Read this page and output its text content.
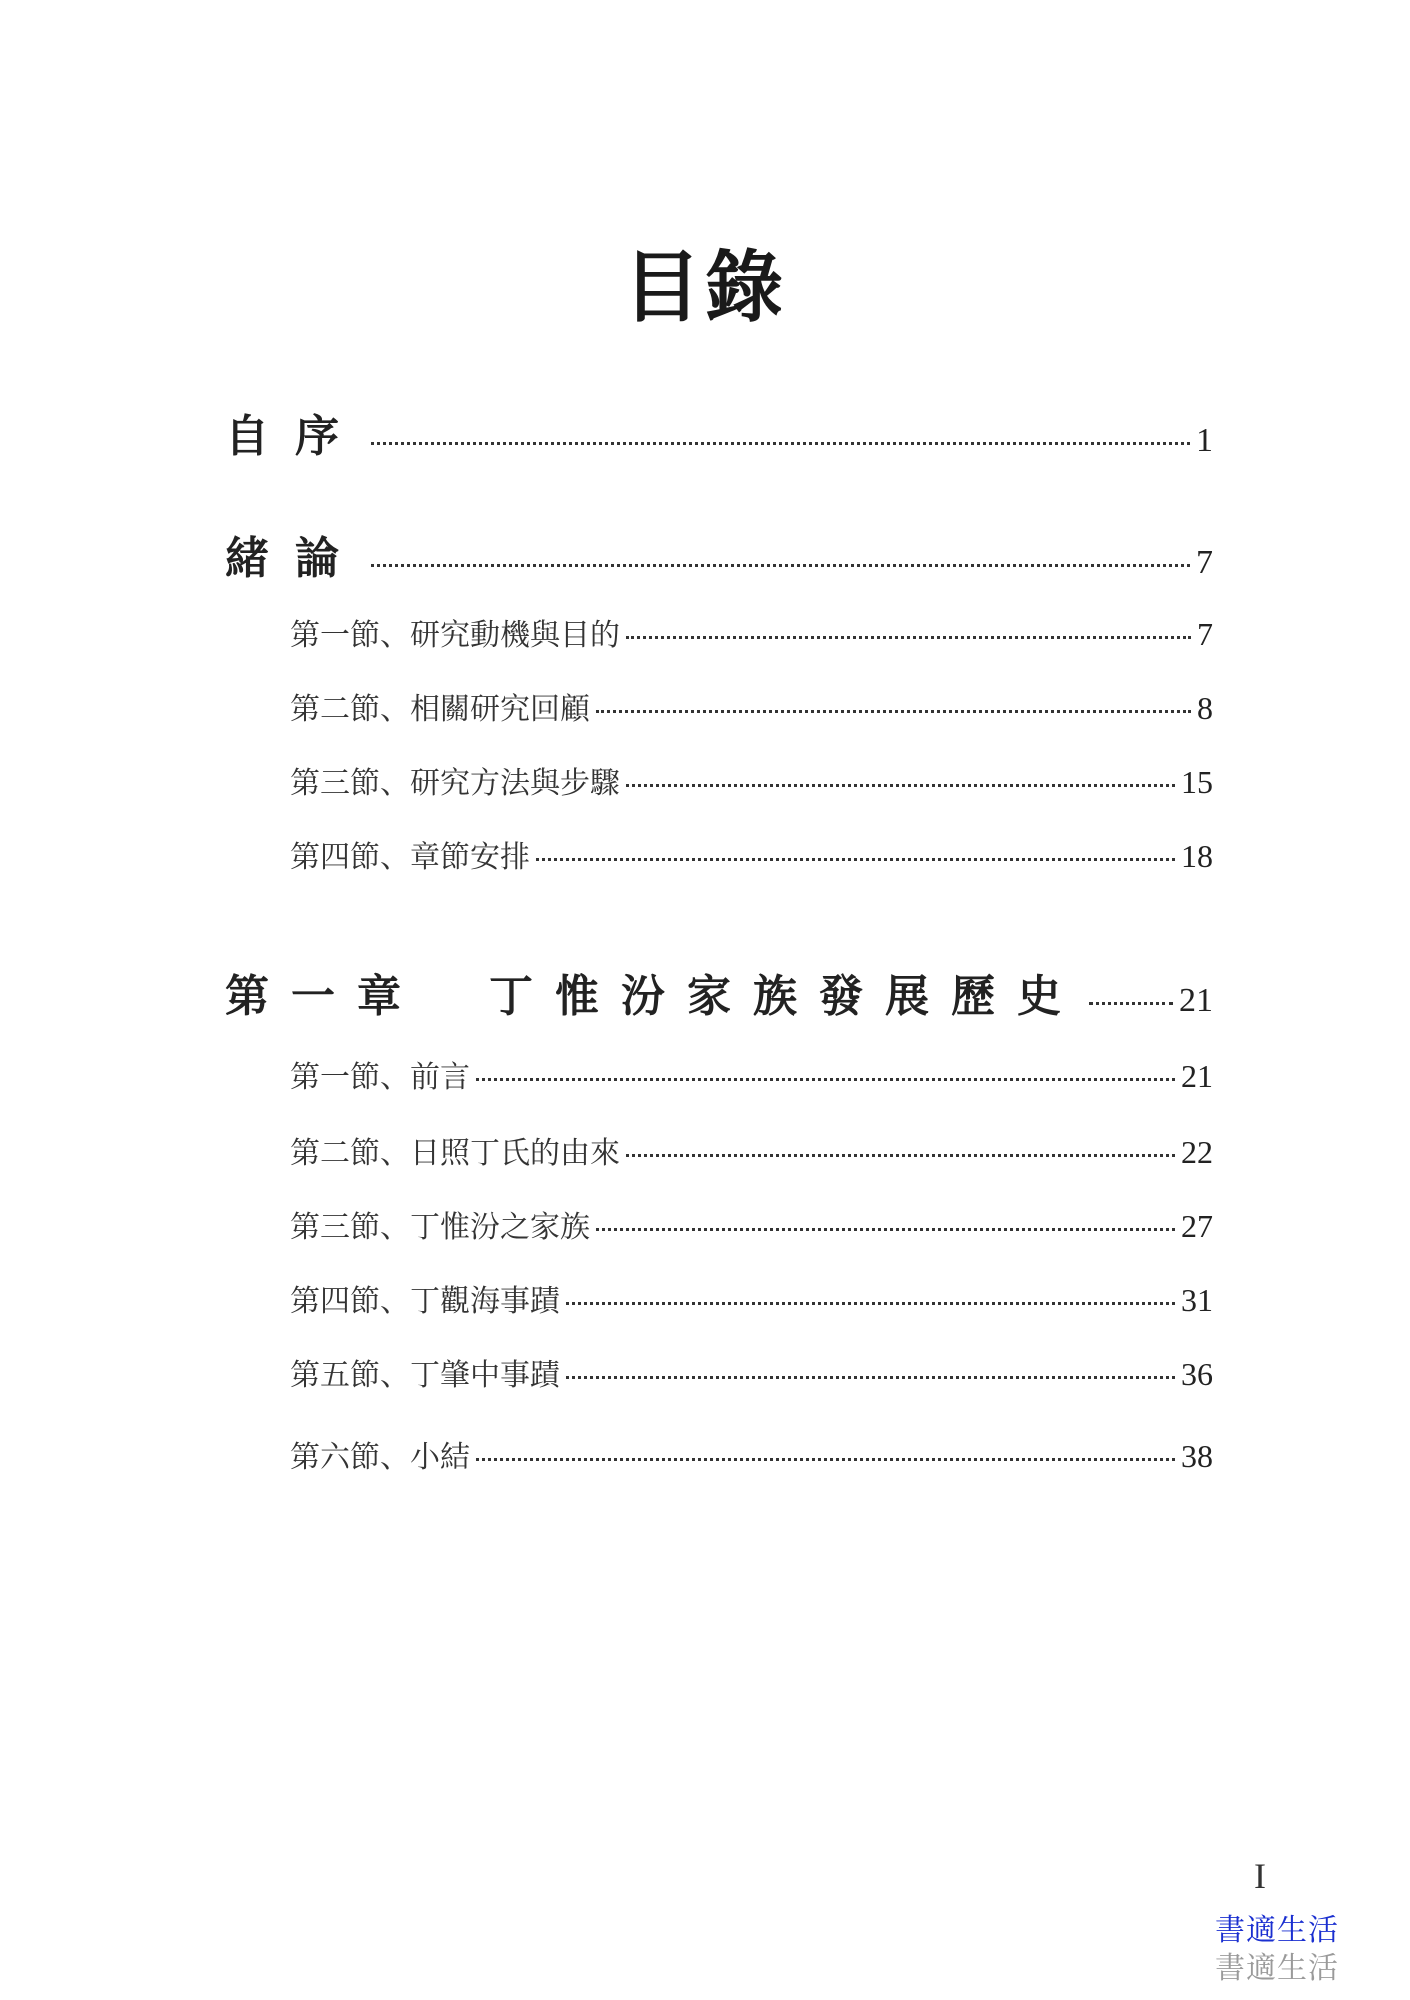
目錄
自序	1
緒論	7
第一節、研究動機與目的	7
第二節、相關研究回顧	8
第三節、研究方法與步驟	15
第四節、章節安排	18
第一章　丁惟汾家族發展歷史	21
第一節、前言	21
第二節、日照丁氏的由來	22
第三節、丁惟汾之家族	27
第四節、丁觀海事蹟	31
第五節、丁肇中事蹟	36
第六節、小結	38
I
書適生活
書適生活
